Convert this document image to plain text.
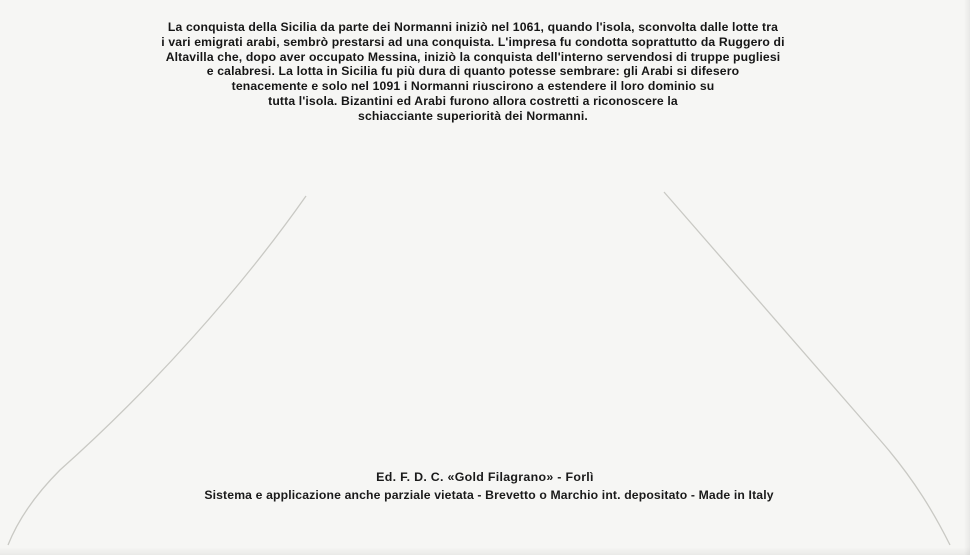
La conquista della Sicilia da parte dei Normanni iniziò nel 1061, quando l'isola, sconvolta dalle lotte tra
i vari emigrati arabi, sembrò prestarsi ad una conquista. L'impresa fu condotta soprattutto da Ruggero di
Altavilla che, dopo aver occupato Messina, iniziò la conquista dell'interno servendosi di truppe pugliesi
e calabresi. La lotta in Sicilia fu più dura di quanto potesse sembrare: gli Arabi si difesero
tenacemente e solo nel 1091 i Normanni riuscirono a estendere il loro dominio su
tutta l'isola. Bizantini ed Arabi furono allora costretti a riconoscere la
schiacciante superiorità dei Normanni.
Ed. F. D. C. «Gold Filagrano» - Forlì
Sistema e applicazione anche parziale vietata - Brevetto o Marchio int. depositato - Made in Italy
